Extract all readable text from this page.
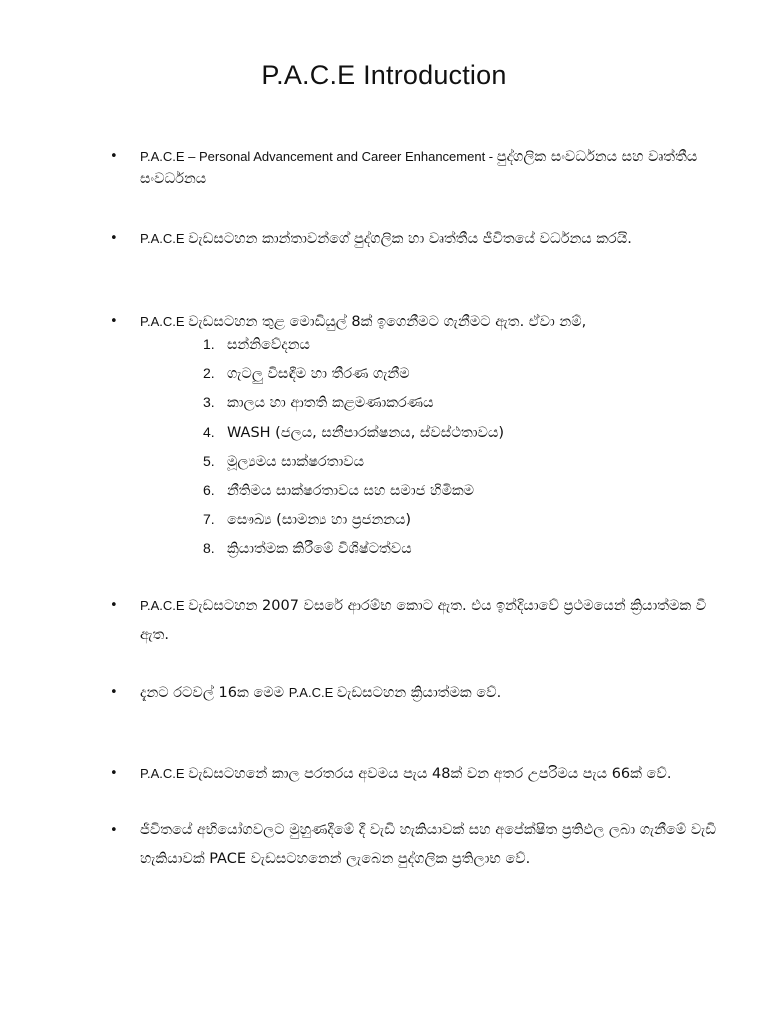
P.A.C.E Introduction
• P.A.C.E – Personal Advancement and Career Enhancement - පුද්ගලික සංවර්ධනය සහ වෘත්තීය සංවර්ධනය
• P.A.C.E වැඩසටහන කාන්තාවන්ගේ පුද්ගලික හා වෘත්තීය ජීවිතයේ වර්ධනය කරයි.
• P.A.C.E වැඩසටහන තුළ මොඩියුල් 8ක් ඉගෙනීමට ගැනීමට ඇත. ඒවා නම්,
1. සන්නිවේදනය
2. ගැටලු විසඳීම හා තීරණ ගැනීම
3. කාලය හා ආතති කළමණාකරණය
4. WASH (ජලය, සනීපාරක්ෂනය, ස්වස්ථතාවය)
5. මූල්‍යමය සාක්ෂරතාවය
6. නීතිමය සාක්ෂරතාවය සහ සමාජ හිමිකම
7. සෞඛ්‍ය (සාමන්‍ය හා ප්‍රජනනය)
8. ක්‍රියාත්මක කිරීමේ විශිෂ්ටත්වය
• P.A.C.E වැඩසටහන 2007 වසරේ ආරම්භ කොට ඇත. එය ඉන්දියාවේ ප්‍රථමයෙන් ක්‍රියාත්මක වී ඇත.
• දැනට රටවල් 16ක මෙම P.A.C.E වැඩසටහන ක්‍රියාත්මක වේ.
• P.A.C.E වැඩසටහනේ කාල පරතරය අවමය පැය 48ක් වන අතර උපරිමය පැය 66ක් වේ.
• ජීවිතයේ අභියෝගවලට මුහුණදීමේ දී වැඩි හැකියාවක් සහ අපේක්ෂිත ප්‍රතිඵල ලබා ගැනීමේ වැඩි හැකියාවක් PACE වැඩසටහනෙන් ලැබෙන පුද්ගලික ප්‍රතිලාභ වේ.
